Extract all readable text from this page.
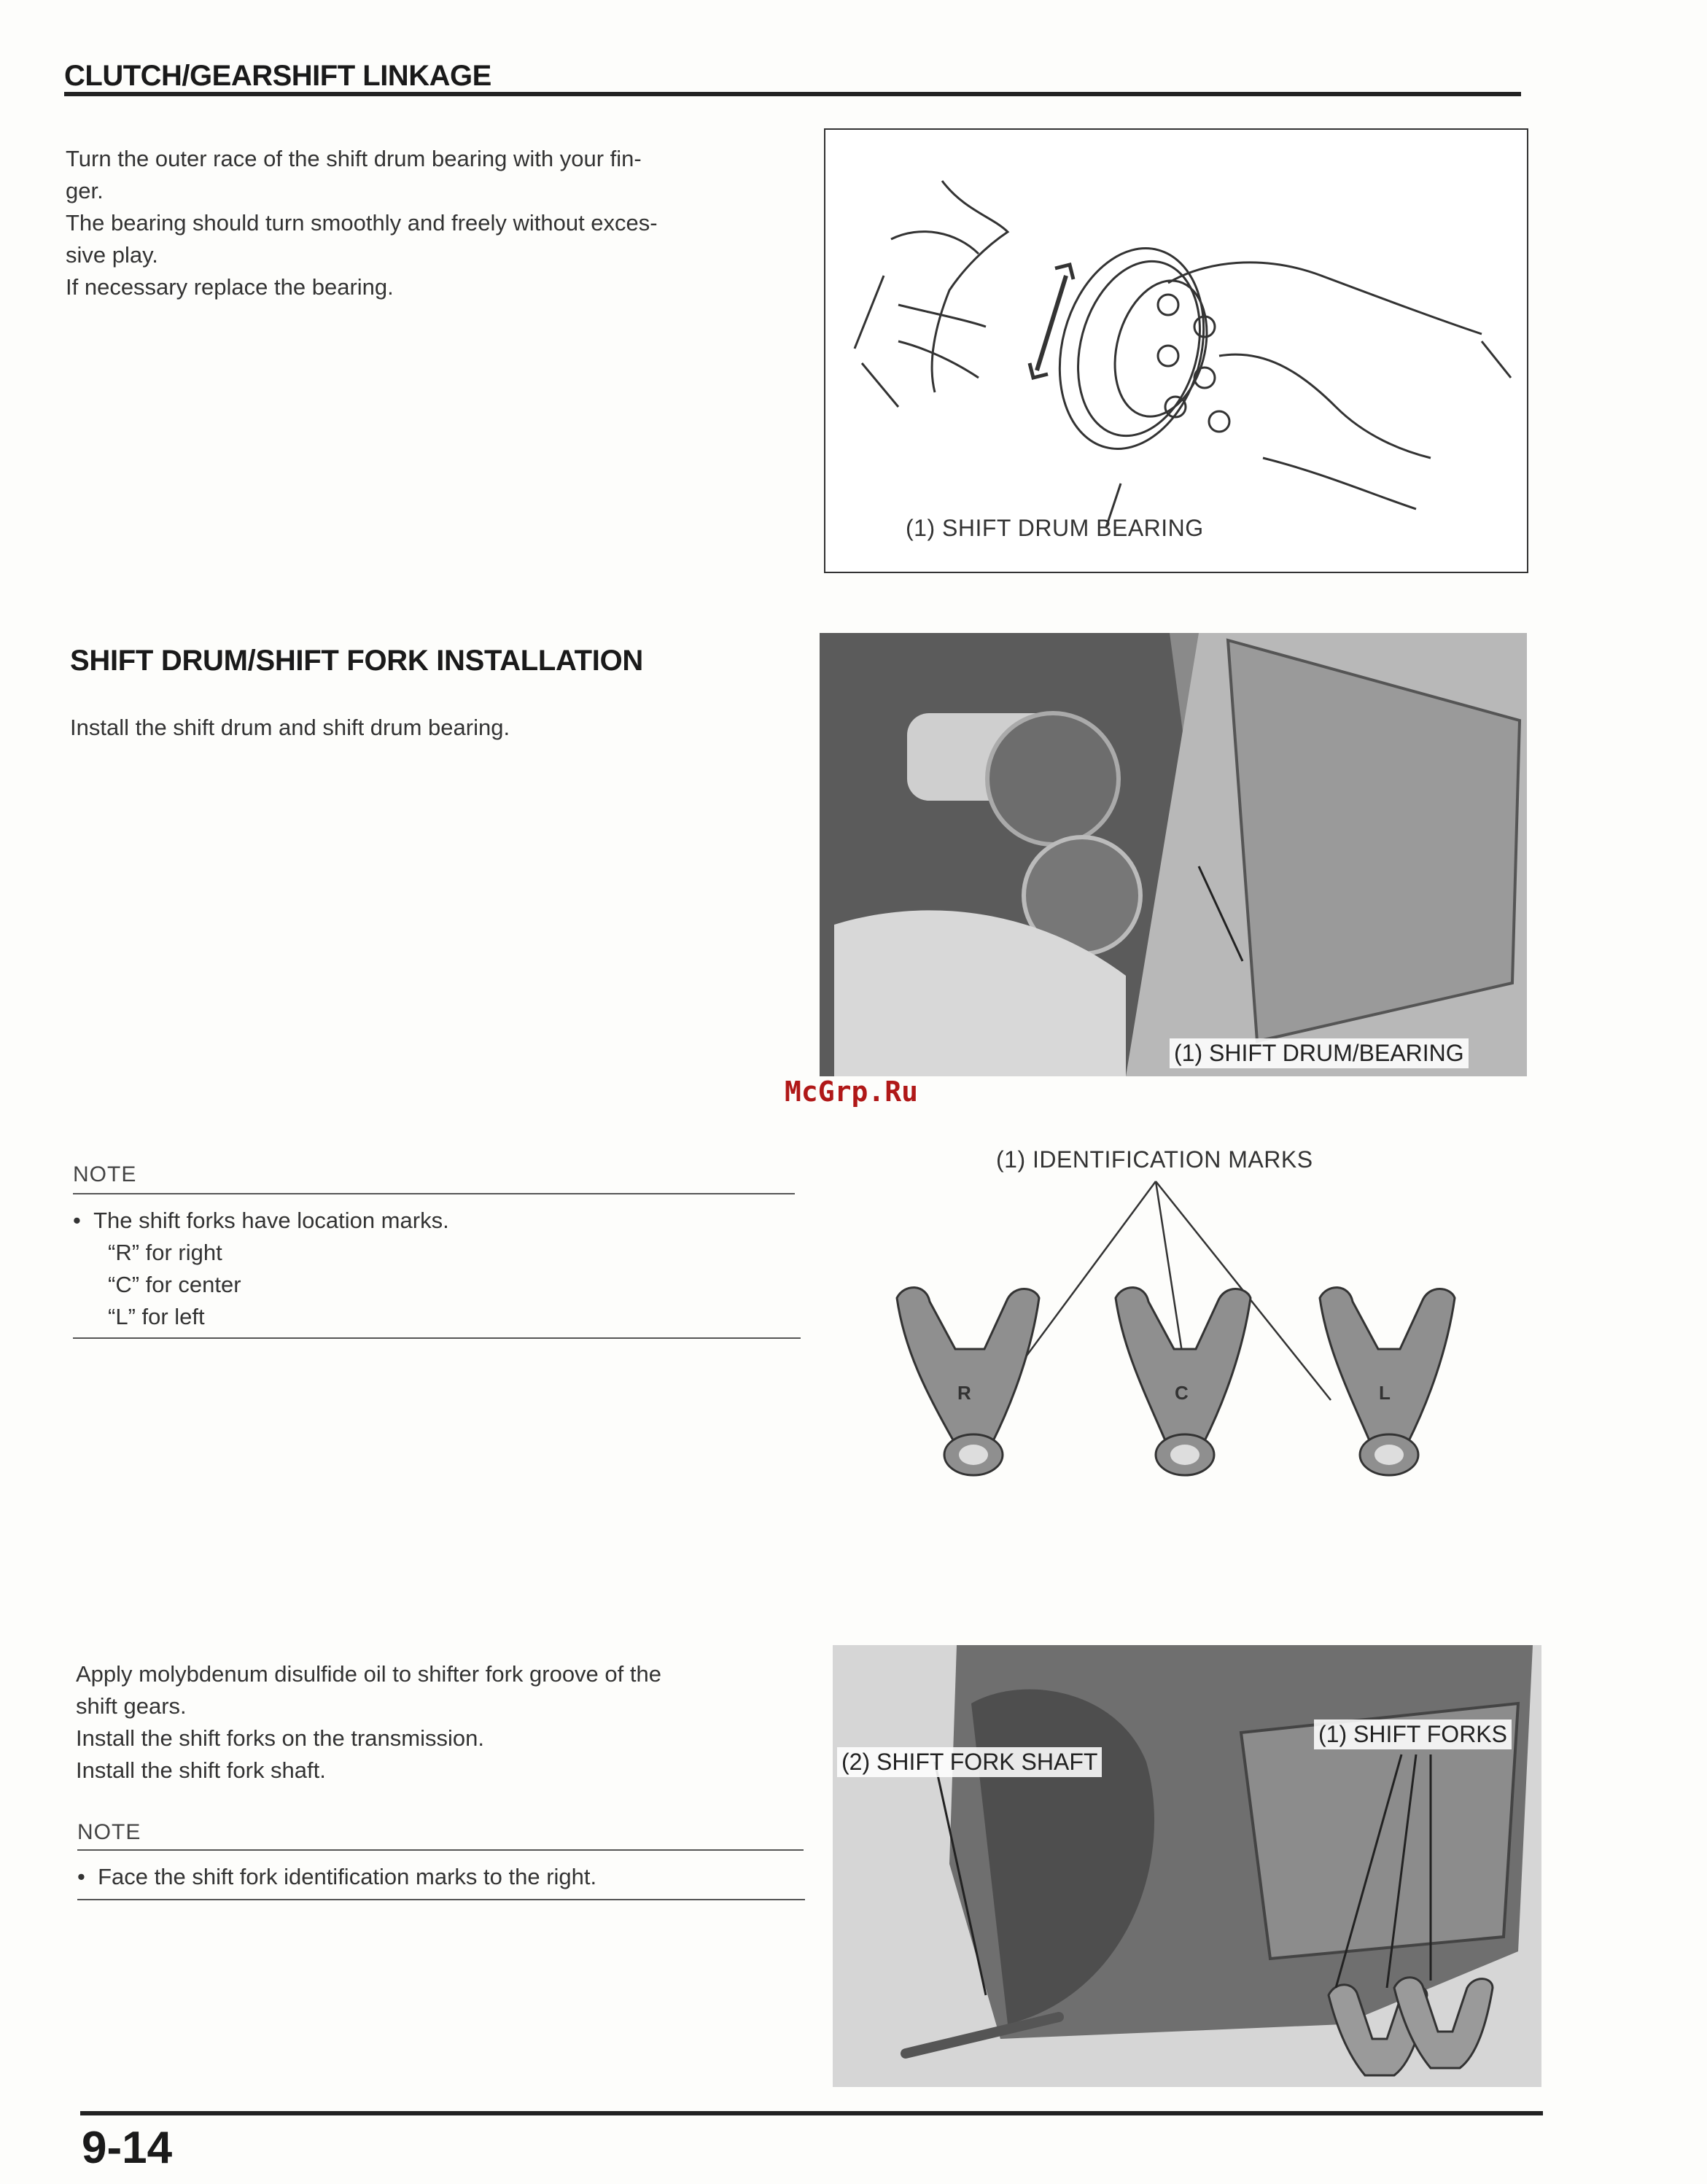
CLUTCH/GEARSHIFT LINKAGE

Turn the outer race of the shift drum bearing with your fin-

ger.

The bearing should turn smoothly and freely without exces-

sive play.

If necessary replace the bearing.

(1) SHIFT DRUM BEARING
SHIFT DRUM/SHIFT FORK INSTALLATION
Install the shift drum and shift drum bearing.
(1) SHIFT DRUM/BEARING
McGrp.Ru
NOTE
•  The shift forks have location marks.
“R” for right
“C” for center
“L” for left
(1) IDENTIFICATION MARKS
R	C	L

Apply molybdenum disulfide oil to shifter fork groove of the

shift gears.

Install the shift forks on the transmission.

Install the shift fork shaft.

NOTE
•  Face the shift fork identification marks to the right.
(1) SHIFT FORKS
(2) SHIFT FORK SHAFT
9-14
